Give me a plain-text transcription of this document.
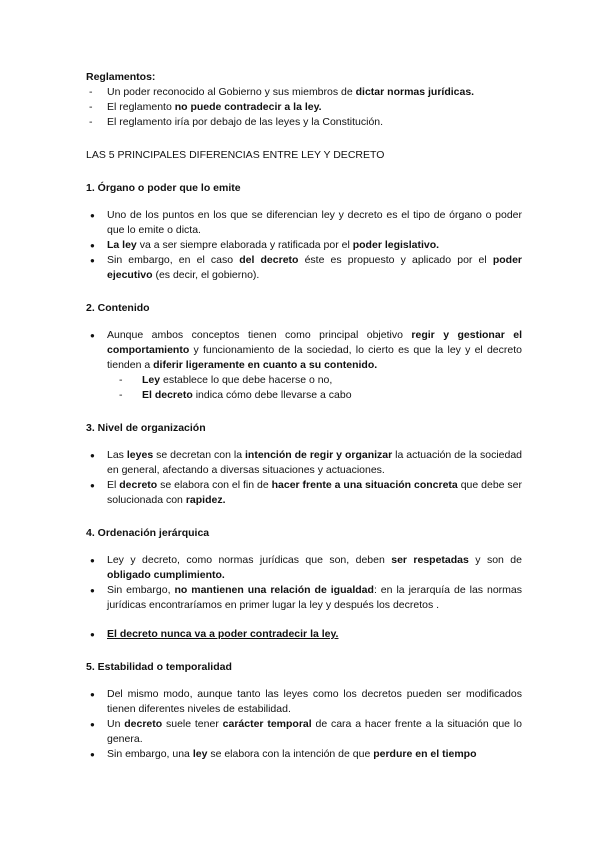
Reglamentos:

- Un poder reconocido al Gobierno y sus miembros de dictar normas jurídicas.
- El reglamento no puede contradecir a la ley.
- El reglamento iría por debajo de las leyes y la Constitución.

LAS 5 PRINCIPALES DIFERENCIAS ENTRE LEY Y DECRETO

1. Órgano o poder que lo emite

● Uno de los puntos en los que se diferencian ley y decreto es el tipo de órgano o poder que lo emite o dicta.
● La ley va a ser siempre elaborada y ratificada por el poder legislativo.
● Sin embargo, en el caso del decreto éste es propuesto y aplicado por el poder ejecutivo (es decir, el gobierno).

2. Contenido

● Aunque ambos conceptos tienen como principal objetivo regir y gestionar el comportamiento y funcionamiento de la sociedad, lo cierto es que la ley y el decreto tienden a diferir ligeramente en cuanto a su contenido.
- Ley establece lo que debe hacerse o no,
- El decreto indica cómo debe llevarse a cabo

3. Nivel de organización

● Las leyes se decretan con la intención de regir y organizar la actuación de la sociedad en general, afectando a diversas situaciones y actuaciones.
● El decreto se elabora con el fin de hacer frente a una situación concreta que debe ser solucionada con rapidez.

4. Ordenación jerárquica

● Ley y decreto, como normas jurídicas que son, deben ser respetadas y son de obligado cumplimiento.
● Sin embargo, no mantienen una relación de igualdad: en la jerarquía de las normas jurídicas encontraríamos en primer lugar la ley y después los decretos .
● El decreto nunca va a poder contradecir la ley.

5. Estabilidad o temporalidad

● Del mismo modo, aunque tanto las leyes como los decretos pueden ser modificados tienen diferentes niveles de estabilidad.
● Un decreto suele tener carácter temporal de cara a hacer frente a la situación que lo genera.
● Sin embargo, una ley se elabora con la intención de que perdure en el tiempo
